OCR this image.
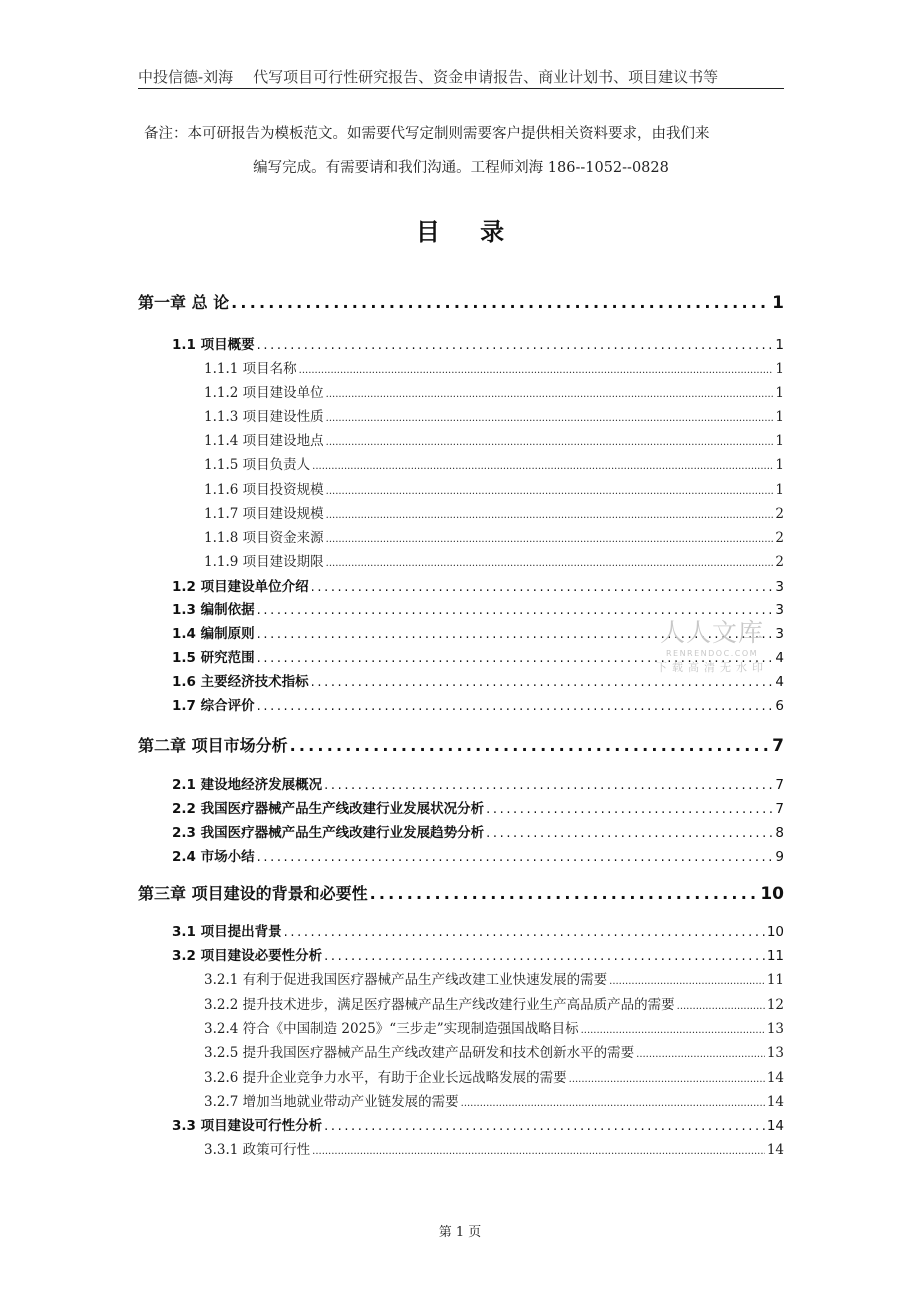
中投信德-刘海 代写项目可行性研究报告、资金申请报告、商业计划书、项目建议书等

备注：本可研报告为模板范文。如需要代写定制则需要客户提供相关资料要求，由我们来

编写完成。有需要请和我们沟通。工程师刘海 186--1052--0828

目 录
第一章 总 论 .....	1
1.1 项目概要 .....	1
1.1.1 项目名称 .....	1
1.1.2 项目建设单位 .....	1
1.1.3 项目建设性质 .....	1
1.1.4 项目建设地点 .....	1
1.1.5 项目负责人 .....	1
1.1.6 项目投资规模 .....	1
1.1.7 项目建设规模 .....	2
1.1.8 项目资金来源 .....	2
1.1.9 项目建设期限 .....	2
1.2 项目建设单位介绍 .....	3
1.3 编制依据 .....	3
1.4 编制原则 .....	3
1.5 研究范围 .....	4
1.6 主要经济技术指标 .....	4
1.7 综合评价 .....	6
第二章 项目市场分析 .....	7
2.1 建设地经济发展概况 .....	7
2.2 我国医疗器械产品生产线改建行业发展状况分析 .....	7
2.3 我国医疗器械产品生产线改建行业发展趋势分析 .....	8
2.4 市场小结 .....	9
第三章 项目建设的背景和必要性 .....	10
3.1 项目提出背景 .....	10
3.2 项目建设必要性分析 .....	11
3.2.1 有利于促进我国医疗器械产品生产线改建工业快速发展的需要 .....	11
3.2.2 提升技术进步，满足医疗器械产品生产线改建行业生产高品质产品的需要 .....	12
3.2.4 符合《中国制造 2025》“三步走”实现制造强国战略目标 .....	13
3.2.5 提升我国医疗器械产品生产线改建产品研发和技术创新水平的需要 .....	13
3.2.6 提升企业竞争力水平，有助于企业长远战略发展的需要 .....	14
3.2.7 增加当地就业带动产业链发展的需要 .....	14
3.3 项目建设可行性分析 .....	14
3.3.1 政策可行性 .....	14
人人文库
RENRENDOC.COM
下载高清无水印
第 1 页
